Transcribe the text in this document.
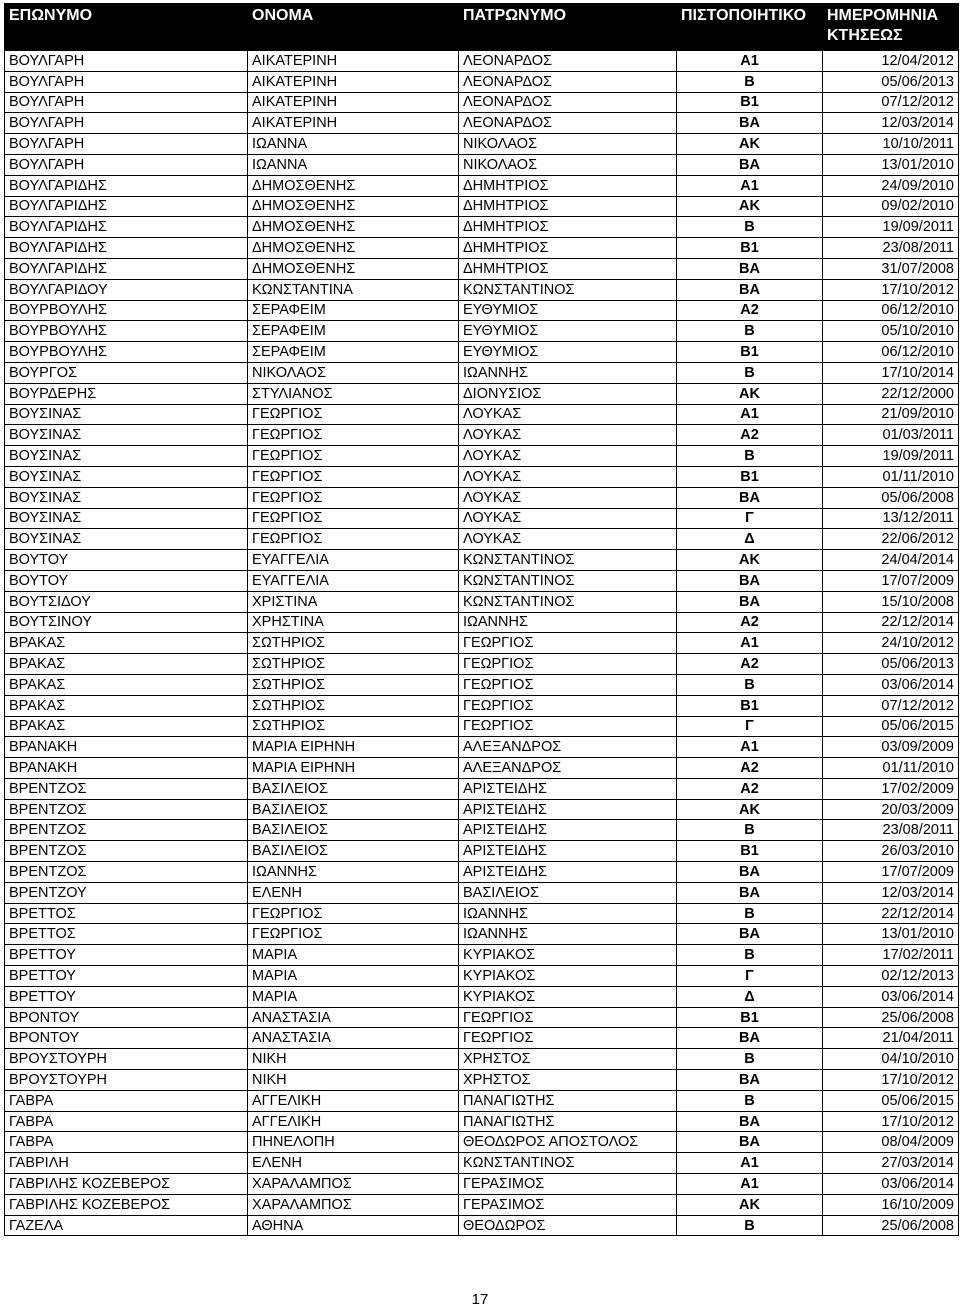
ΕΠΩΝΥΜΟ	ΟΝΟΜΑ	ΠΑΤΡΩΝΥΜΟ	ΠΙΣΤΟΠΟΙΗΤΙΚΟ	ΗΜΕΡΟΜΗΝΙΑ ΚΤΗΣΕΩΣ
ΒΟΥΛΓΑΡΗ	ΑΙΚΑΤΕΡΙΝΗ	ΛΕΟΝΑΡΔΟΣ	Α1	12/04/2012
ΒΟΥΛΓΑΡΗ	ΑΙΚΑΤΕΡΙΝΗ	ΛΕΟΝΑΡΔΟΣ	Β	05/06/2013
ΒΟΥΛΓΑΡΗ	ΑΙΚΑΤΕΡΙΝΗ	ΛΕΟΝΑΡΔΟΣ	Β1	07/12/2012
ΒΟΥΛΓΑΡΗ	ΑΙΚΑΤΕΡΙΝΗ	ΛΕΟΝΑΡΔΟΣ	ΒΑ	12/03/2014
ΒΟΥΛΓΑΡΗ	ΙΩΑΝΝΑ	ΝΙΚΟΛΑΟΣ	ΑΚ	10/10/2011
ΒΟΥΛΓΑΡΗ	ΙΩΑΝΝΑ	ΝΙΚΟΛΑΟΣ	ΒΑ	13/01/2010
ΒΟΥΛΓΑΡΙΔΗΣ	ΔΗΜΟΣΘΕΝΗΣ	ΔΗΜΗΤΡΙΟΣ	Α1	24/09/2010
ΒΟΥΛΓΑΡΙΔΗΣ	ΔΗΜΟΣΘΕΝΗΣ	ΔΗΜΗΤΡΙΟΣ	ΑΚ	09/02/2010
ΒΟΥΛΓΑΡΙΔΗΣ	ΔΗΜΟΣΘΕΝΗΣ	ΔΗΜΗΤΡΙΟΣ	Β	19/09/2011
ΒΟΥΛΓΑΡΙΔΗΣ	ΔΗΜΟΣΘΕΝΗΣ	ΔΗΜΗΤΡΙΟΣ	Β1	23/08/2011
ΒΟΥΛΓΑΡΙΔΗΣ	ΔΗΜΟΣΘΕΝΗΣ	ΔΗΜΗΤΡΙΟΣ	ΒΑ	31/07/2008
ΒΟΥΛΓΑΡΙΔΟΥ	ΚΩΝΣΤΑΝΤΙΝΑ	ΚΩΝΣΤΑΝΤΙΝΟΣ	ΒΑ	17/10/2012
ΒΟΥΡΒΟΥΛΗΣ	ΣΕΡΑΦΕΙΜ	ΕΥΘΥΜΙΟΣ	Α2	06/12/2010
ΒΟΥΡΒΟΥΛΗΣ	ΣΕΡΑΦΕΙΜ	ΕΥΘΥΜΙΟΣ	Β	05/10/2010
ΒΟΥΡΒΟΥΛΗΣ	ΣΕΡΑΦΕΙΜ	ΕΥΘΥΜΙΟΣ	Β1	06/12/2010
ΒΟΥΡΓΟΣ	ΝΙΚΟΛΑΟΣ	ΙΩΑΝΝΗΣ	Β	17/10/2014
ΒΟΥΡΔΕΡΗΣ	ΣΤΥΛΙΑΝΟΣ	ΔΙΟΝΥΣΙΟΣ	ΑΚ	22/12/2000
ΒΟΥΣΙΝΑΣ	ΓΕΩΡΓΙΟΣ	ΛΟΥΚΑΣ	Α1	21/09/2010
ΒΟΥΣΙΝΑΣ	ΓΕΩΡΓΙΟΣ	ΛΟΥΚΑΣ	Α2	01/03/2011
ΒΟΥΣΙΝΑΣ	ΓΕΩΡΓΙΟΣ	ΛΟΥΚΑΣ	Β	19/09/2011
ΒΟΥΣΙΝΑΣ	ΓΕΩΡΓΙΟΣ	ΛΟΥΚΑΣ	Β1	01/11/2010
ΒΟΥΣΙΝΑΣ	ΓΕΩΡΓΙΟΣ	ΛΟΥΚΑΣ	ΒΑ	05/06/2008
ΒΟΥΣΙΝΑΣ	ΓΕΩΡΓΙΟΣ	ΛΟΥΚΑΣ	Γ	13/12/2011
ΒΟΥΣΙΝΑΣ	ΓΕΩΡΓΙΟΣ	ΛΟΥΚΑΣ	Δ	22/06/2012
ΒΟΥΤΟΥ	ΕΥΑΓΓΕΛΙΑ	ΚΩΝΣΤΑΝΤΙΝΟΣ	ΑΚ	24/04/2014
ΒΟΥΤΟΥ	ΕΥΑΓΓΕΛΙΑ	ΚΩΝΣΤΑΝΤΙΝΟΣ	ΒΑ	17/07/2009
ΒΟΥΤΣΙΔΟΥ	ΧΡΙΣΤΙΝΑ	ΚΩΝΣΤΑΝΤΙΝΟΣ	ΒΑ	15/10/2008
ΒΟΥΤΣΙΝΟΥ	ΧΡΗΣΤΙΝΑ	ΙΩΑΝΝΗΣ	Α2	22/12/2014
ΒΡΑΚΑΣ	ΣΩΤΗΡΙΟΣ	ΓΕΩΡΓΙΟΣ	Α1	24/10/2012
ΒΡΑΚΑΣ	ΣΩΤΗΡΙΟΣ	ΓΕΩΡΓΙΟΣ	Α2	05/06/2013
ΒΡΑΚΑΣ	ΣΩΤΗΡΙΟΣ	ΓΕΩΡΓΙΟΣ	Β	03/06/2014
ΒΡΑΚΑΣ	ΣΩΤΗΡΙΟΣ	ΓΕΩΡΓΙΟΣ	Β1	07/12/2012
ΒΡΑΚΑΣ	ΣΩΤΗΡΙΟΣ	ΓΕΩΡΓΙΟΣ	Γ	05/06/2015
ΒΡΑΝΑΚΗ	ΜΑΡΙΑ ΕΙΡΗΝΗ	ΑΛΕΞΑΝΔΡΟΣ	Α1	03/09/2009
ΒΡΑΝΑΚΗ	ΜΑΡΙΑ ΕΙΡΗΝΗ	ΑΛΕΞΑΝΔΡΟΣ	Α2	01/11/2010
ΒΡΕΝΤΖΟΣ	ΒΑΣΙΛΕΙΟΣ	ΑΡΙΣΤΕΙΔΗΣ	Α2	17/02/2009
ΒΡΕΝΤΖΟΣ	ΒΑΣΙΛΕΙΟΣ	ΑΡΙΣΤΕΙΔΗΣ	ΑΚ	20/03/2009
ΒΡΕΝΤΖΟΣ	ΒΑΣΙΛΕΙΟΣ	ΑΡΙΣΤΕΙΔΗΣ	Β	23/08/2011
ΒΡΕΝΤΖΟΣ	ΒΑΣΙΛΕΙΟΣ	ΑΡΙΣΤΕΙΔΗΣ	Β1	26/03/2010
ΒΡΕΝΤΖΟΣ	ΙΩΑΝΝΗΣ	ΑΡΙΣΤΕΙΔΗΣ	ΒΑ	17/07/2009
ΒΡΕΝΤΖΟΥ	ΕΛΕΝΗ	ΒΑΣΙΛΕΙΟΣ	ΒΑ	12/03/2014
ΒΡΕΤΤΟΣ	ΓΕΩΡΓΙΟΣ	ΙΩΑΝΝΗΣ	Β	22/12/2014
ΒΡΕΤΤΟΣ	ΓΕΩΡΓΙΟΣ	ΙΩΑΝΝΗΣ	ΒΑ	13/01/2010
ΒΡΕΤΤΟΥ	ΜΑΡΙΑ	ΚΥΡΙΑΚΟΣ	Β	17/02/2011
ΒΡΕΤΤΟΥ	ΜΑΡΙΑ	ΚΥΡΙΑΚΟΣ	Γ	02/12/2013
ΒΡΕΤΤΟΥ	ΜΑΡΙΑ	ΚΥΡΙΑΚΟΣ	Δ	03/06/2014
ΒΡΟΝΤΟΥ	ΑΝΑΣΤΑΣΙΑ	ΓΕΩΡΓΙΟΣ	Β1	25/06/2008
ΒΡΟΝΤΟΥ	ΑΝΑΣΤΑΣΙΑ	ΓΕΩΡΓΙΟΣ	ΒΑ	21/04/2011
ΒΡΟΥΣΤΟΥΡΗ	ΝΙΚΗ	ΧΡΗΣΤΟΣ	Β	04/10/2010
ΒΡΟΥΣΤΟΥΡΗ	ΝΙΚΗ	ΧΡΗΣΤΟΣ	ΒΑ	17/10/2012
ΓΑΒΡΑ	ΑΓΓΕΛΙΚΗ	ΠΑΝΑΓΙΩΤΗΣ	Β	05/06/2015
ΓΑΒΡΑ	ΑΓΓΕΛΙΚΗ	ΠΑΝΑΓΙΩΤΗΣ	ΒΑ	17/10/2012
ΓΑΒΡΑ	ΠΗΝΕΛΟΠΗ	ΘΕΟΔΩΡΟΣ ΑΠΟΣΤΟΛΟΣ	ΒΑ	08/04/2009
ΓΑΒΡΙΛΗ	ΕΛΕΝΗ	ΚΩΝΣΤΑΝΤΙΝΟΣ	Α1	27/03/2014
ΓΑΒΡΙΛΗΣ ΚΟΖΕΒΕΡΟΣ	ΧΑΡΑΛΑΜΠΟΣ	ΓΕΡΑΣΙΜΟΣ	Α1	03/06/2014
ΓΑΒΡΙΛΗΣ ΚΟΖΕΒΕΡΟΣ	ΧΑΡΑΛΑΜΠΟΣ	ΓΕΡΑΣΙΜΟΣ	ΑΚ	16/10/2009
ΓΑΖΕΛΑ	ΑΘΗΝΑ	ΘΕΟΔΩΡΟΣ	Β	25/06/2008
17
